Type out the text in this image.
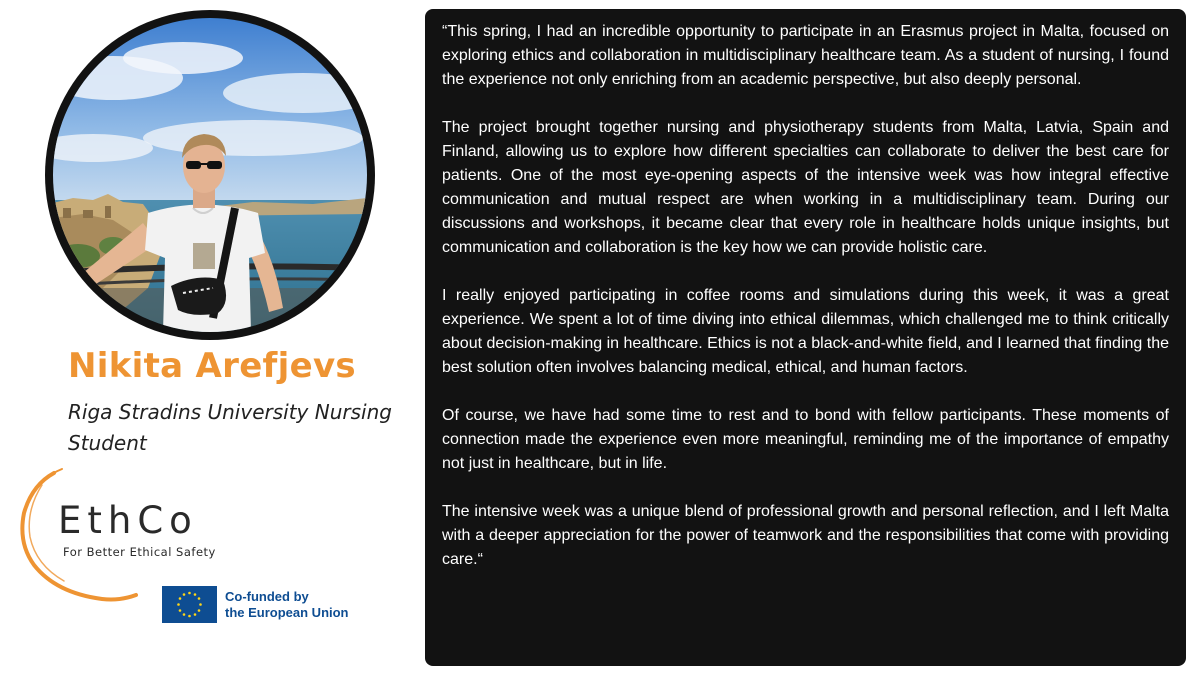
Nikita Arefjevs

Riga Stradins University Nursing Student

EthCo

For Better Ethical Safety

Co-funded by
the European Union

“This spring, I had an incredible opportunity to participate in an Erasmus project in Malta, focused on exploring ethics and collaboration in multidisciplinary healthcare team. As a student of nursing, I found the experience not only enriching from an academic perspective, but also deeply personal.

The project brought together nursing and physiotherapy students from Malta, Latvia, Spain and Finland, allowing us to explore how different specialties can collaborate to deliver the best care for patients. One of the most eye-opening aspects of the intensive week was how integral effective communication and mutual respect are when working in a multidisciplinary team. During our discussions and workshops, it became clear that every role in healthcare holds unique insights, but communication and collaboration is the key how we can provide holistic care.

I really enjoyed participating in coffee rooms and simulations during this week, it was a great experience. We spent a lot of time diving into ethical dilemmas, which challenged me to think critically about decision-making in healthcare. Ethics is not a black-and-white field, and I learned that finding the best solution often involves balancing medical, ethical, and human factors.

Of course, we have had some time to rest and to bond with fellow participants. These moments of connection made the experience even more meaningful, reminding me of the importance of empathy not just in healthcare, but in life.

The intensive week was a unique blend of professional growth and personal reflection, and I left Malta with a deeper appreciation for the power of teamwork and the responsibilities that come with providing care.“
